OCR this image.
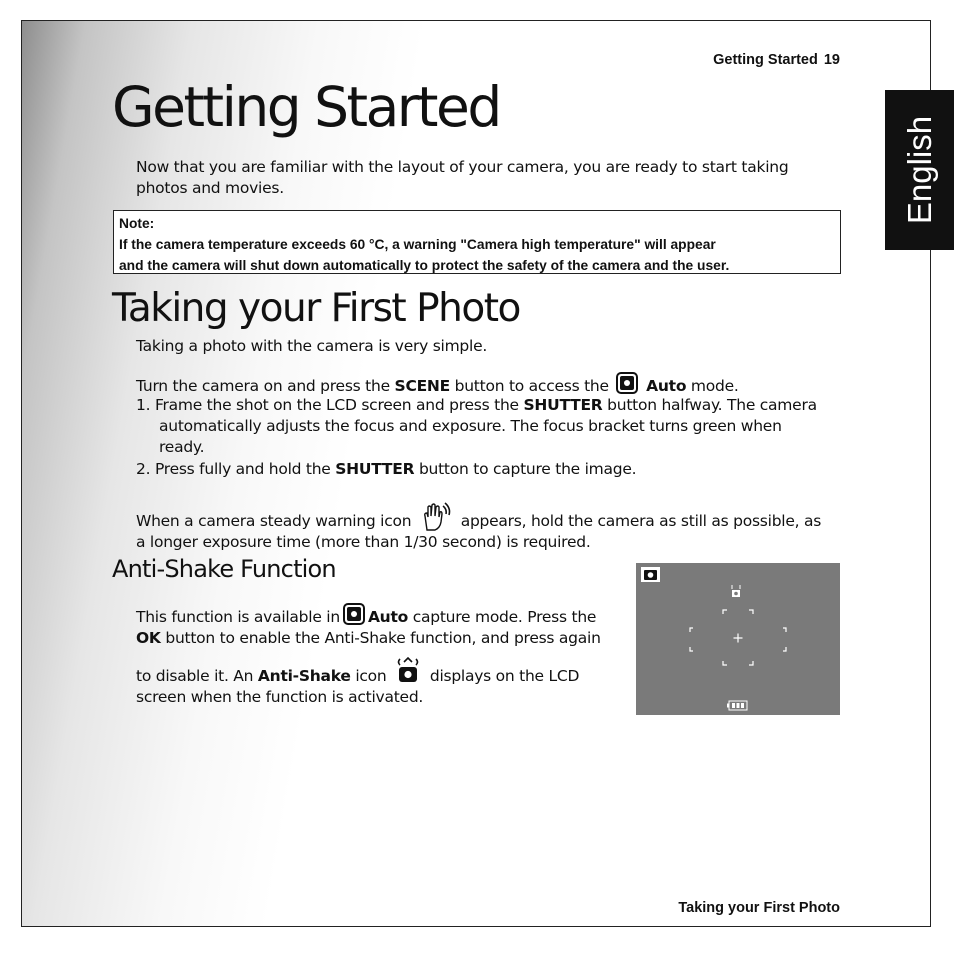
Getting Started 19
English
Getting Started
Now that you are familiar with the layout of your camera, you are ready to start taking
photos and movies.
Note:
If the camera temperature exceeds 60 °C, a warning "Camera high temperature" will appear
and the camera will shut down automatically to protect the safety of the camera and the user.
Taking your First Photo
Taking a photo with the camera is very simple.
Turn the camera on and press the SCENE button to access the  Auto mode.
1. Frame the shot on the LCD screen and press the SHUTTER button halfway. The camera
automatically adjusts the focus and exposure. The focus bracket turns green when
ready.
2. Press fully and hold the SHUTTER button to capture the image.
When a camera steady warning icon	appears, hold the camera as still as possible, as
a longer exposure time (more than 1/30 second) is required.
Anti-Shake Function
This function is available in Auto capture mode. Press the
OK button to enable the Anti-Shake function, and press again
to disable it. An Anti-Shake icon	displays on the LCD
screen when the function is activated.
Taking your First Photo
